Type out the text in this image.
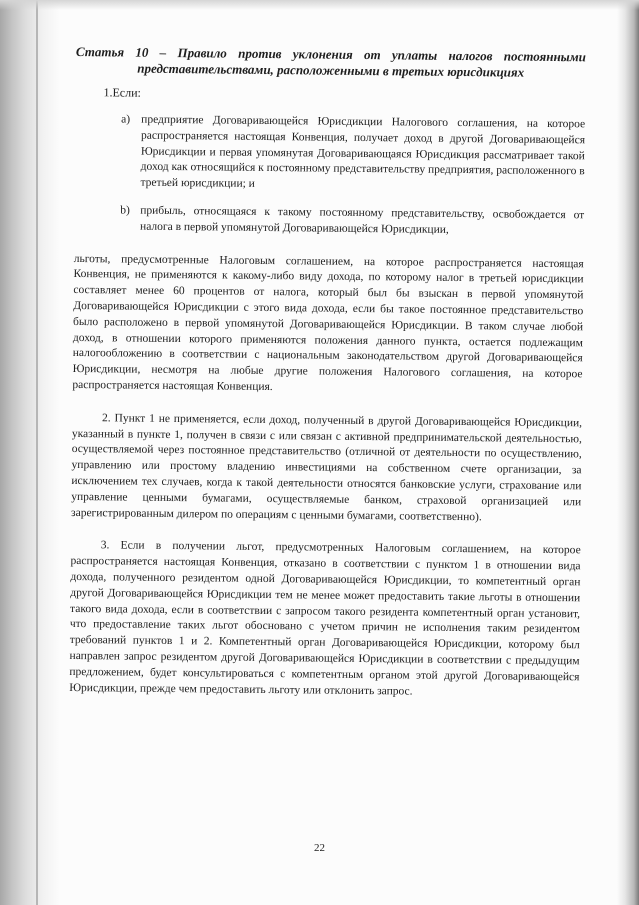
Статья 10 – Правило против уклонения от уплаты налогов постоянными представительствами, расположенными в третьих юрисдикциях

1.Если:
a) предприятие Договаривающейся Юрисдикции Налогового соглашения, на которое распространяется настоящая Конвенция, получает доход в другой Договаривающейся Юрисдикции и первая упомянутая Договаривающаяся Юрисдикция рассматривает такой доход как относящийся к постоянному представительству предприятия, расположенного в третьей юрисдикции; и

b) прибыль, относящаяся к такому постоянному представительству, освобождается от налога в первой упомянутой Договаривающейся Юрисдикции,

льготы, предусмотренные Налоговым соглашением, на которое распространяется настоящая Конвенция, не применяются к какому-либо виду дохода, по которому налог в третьей юрисдикции составляет менее 60 процентов от налога, который был бы взыскан в первой упомянутой Договаривающейся Юрисдикции с этого вида дохода, если бы такое постоянное представительство было расположено в первой упомянутой Договаривающейся Юрисдикции. В таком случае любой доход, в отношении которого применяются положения данного пункта, остается подлежащим налогообложению в соответствии с национальным законодательством другой Договаривающейся Юрисдикции, несмотря на любые другие положения Налогового соглашения, на которое распространяется настоящая Конвенция.

2. Пункт 1 не применяется, если доход, полученный в другой Договаривающейся Юрисдикции, указанный в пункте 1, получен в связи с или связан с активной предпринимательской деятельностью, осуществляемой через постоянное представительство (отличной от деятельности по осуществлению, управлению или простому владению инвестициями на собственном счете организации, за исключением тех случаев, когда к такой деятельности относятся банковские услуги, страхование или управление ценными бумагами, осуществляемые банком, страховой организацией или зарегистрированным дилером по операциям с ценными бумагами, соответственно).

3. Если в получении льгот, предусмотренных Налоговым соглашением, на которое распространяется настоящая Конвенция, отказано в соответствии с пунктом 1 в отношении вида дохода, полученного резидентом одной Договаривающейся Юрисдикции, то компетентный орган другой Договаривающейся Юрисдикции тем не менее может предоставить такие льготы в отношении такого вида дохода, если в соответствии с запросом такого резидента компетентный орган установит, что предоставление таких льгот обосновано с учетом причин не исполнения таким резидентом требований пунктов 1 и 2. Компетентный орган Договаривающейся Юрисдикции, которому был направлен запрос резидентом другой Договаривающейся Юрисдикции в соответствии с предыдущим предложением, будет консультироваться с компетентным органом этой другой Договаривающейся Юрисдикции, прежде чем предоставить льготу или отклонить запрос.

22
